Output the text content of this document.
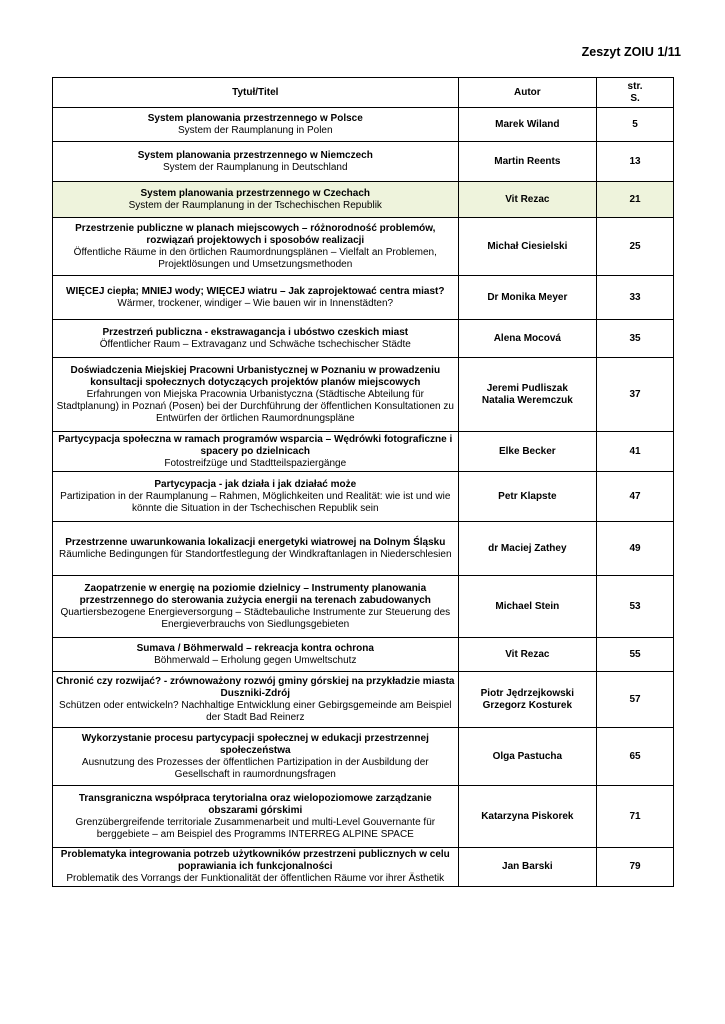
Zeszyt ZOIU 1/11
Tytuł/Titel	Autor	str.
S.

System planowania przestrzennego w Polsce
System der Raumplanung in Polen	Marek Wiland	5

System planowania przestrzennego w Niemczech
System der Raumplanung in Deutschland	Martin Reents	13

System planowania przestrzennego w Czechach
System der Raumplanung in der Tschechischen Republik	Vit Rezac	21

Przestrzenie publiczne w planach miejscowych – różnorodność problemów, rozwiązań projektowych i sposobów realizacji
Öffentliche Räume in den örtlichen Raumordnungsplänen – Vielfalt an Problemen, Projektlösungen und Umsetzungsmethoden	Michał Ciesielski	25

WIĘCEJ ciepła; MNIEJ wody; WIĘCEJ wiatru – Jak zaprojektować centra miast?
Wärmer, trockener, windiger – Wie bauen wir in Innenstädten?	Dr Monika Meyer	33

Przestrzeń publiczna - ekstrawagancja i ubóstwo czeskich miast
Öffentlicher Raum – Extravaganz und Schwäche tschechischer Städte	Alena Mocová	35

Doświadczenia Miejskiej Pracowni Urbanistycznej w Poznaniu w prowadzeniu konsultacji społecznych dotyczących projektów planów miejscowych
Erfahrungen von Miejska Pracownia Urbanistyczna (Städtische Abteilung für Stadtplanung) in Poznań (Posen) bei der Durchführung der öffentlichen Konsultationen zu Entwürfen der örtlichen Raumordnungspläne	Jeremi Pudliszak
Natalia Weremczuk	37

Partycypacja społeczna w ramach programów wsparcia – Wędrówki fotograficzne i spacery po dzielnicach
Fotostreifzüge und Stadtteilspaziergänge	Elke Becker	41

Partycypacja - jak działa i jak działać może
Partizipation in der Raumplanung – Rahmen, Möglichkeiten und Realität: wie ist und wie könnte die Situation in der Tschechischen Republik sein	Petr Klapste	47

Przestrzenne uwarunkowania lokalizacji energetyki wiatrowej na Dolnym Śląsku
Räumliche Bedingungen für Standortfestlegung der Windkraftanlagen in Niederschlesien	dr Maciej Zathey	49

Zaopatrzenie w energię na poziomie dzielnicy – Instrumenty planowania przestrzennego do sterowania zużycia energii na terenach zabudowanych
Quartiersbezogene Energieversorgung – Städtebauliche Instrumente zur Steuerung des Energieverbrauchs von Siedlungsgebieten	Michael Stein	53

Sumava / Böhmerwald – rekreacja kontra ochrona
Böhmerwald – Erholung gegen Umweltschutz	Vit Rezac	55

Chronić czy rozwijać? - zrównoważony rozwój gminy górskiej na przykładzie miasta Duszniki-Zdrój
Schützen oder entwickeln? Nachhaltige Entwicklung einer Gebirgsgemeinde am Beispiel der Stadt Bad Reinerz	Piotr Jędrzejkowski
Grzegorz Kosturek	57

Wykorzystanie procesu partycypacji społecznej w edukacji przestrzennej społeczeństwa
Ausnutzung des Prozesses der öffentlichen Partizipation in der Ausbildung der Gesellschaft in raumordnungsfragen	Olga Pastucha	65

Transgraniczna współpraca terytorialna oraz wielopoziomowe zarządzanie obszarami górskimi
Grenzübergreifende territoriale Zusammenarbeit und multi-Level Gouvernante für berggebiete – am Beispiel des Programms INTERREG ALPINE SPACE	Katarzyna Piskorek	71

Problematyka integrowania potrzeb użytkowników przestrzeni publicznych w celu poprawiania ich funkcjonalności
Problematik des Vorrangs der Funktionalität der öffentlichen Räume vor ihrer Ästhetik	Jan Barski	79
